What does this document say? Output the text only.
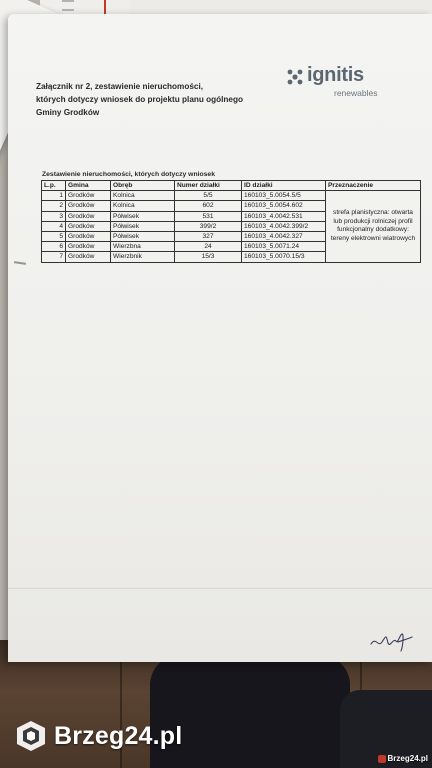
Załącznik nr 2, zestawienie nieruchomości,
których dotyczy wniosek do projektu planu ogólnego
Gminy Grodków
ignitis
renewables
Zestawienie nieruchomości, których dotyczy wniosek
L.p.	Gmina	Obręb	Numer działki	ID działki	Przeznaczenie
1	Grodków	Kolnica	5/5	160103_5.0054.5/5	strefa planistyczna: otwarta lub produkcji rolniczej profil funkcjonalny dodatkowy: tereny elektrowni wiatrowych
2	Grodków	Kolnica	602	160103_5.0054.602	
3	Grodków	Półwisek	531	160103_4.0042.531	
4	Grodków	Półwisek	399/2	160103_4.0042.399/2	
5	Grodków	Półwisek	327	160103_4.0042.327	
6	Grodków	Wierzbna	24	160103_5.0071.24	
7	Grodków	Wierzbnik	15/3	160103_5.0070.15/3	
Brzeg24.pl
Brzeg24.pl
